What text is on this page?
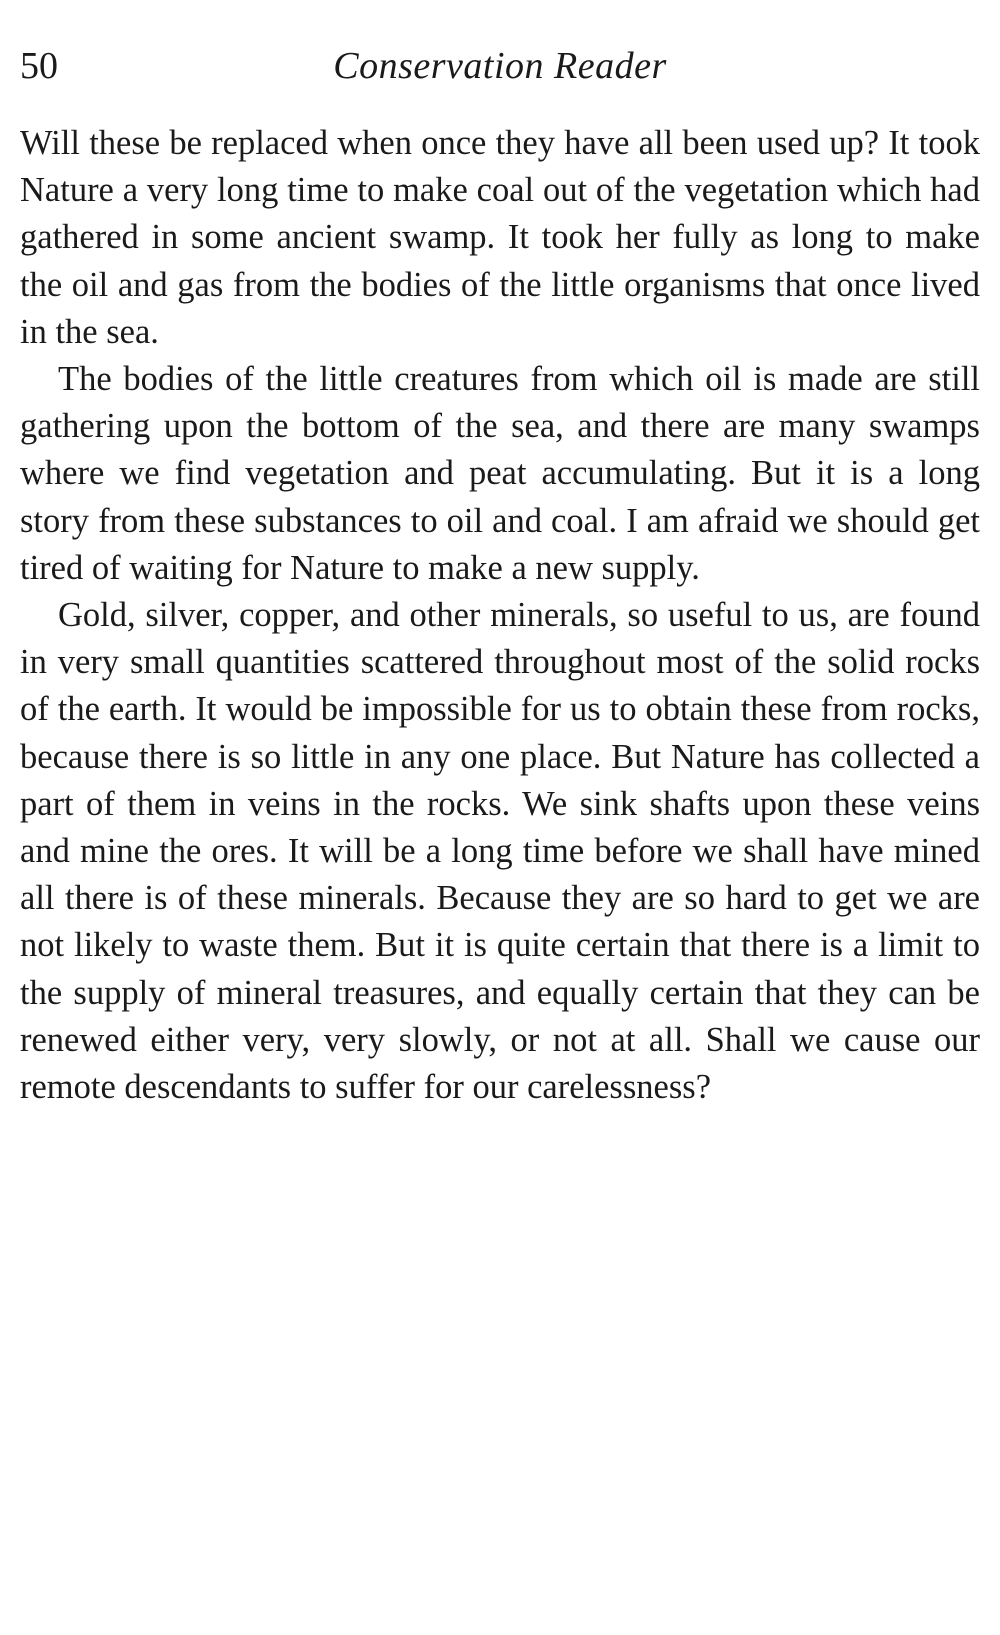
50	Conservation Reader

Will these be replaced when once they have all been used up? It took Nature a very long time to make coal out of the vegetation which had gathered in some ancient swamp. It took her fully as long to make the oil and gas from the bodies of the little organisms that once lived in the sea.

The bodies of the little creatures from which oil is made are still gathering upon the bottom of the sea, and there are many swamps where we find vegetation and peat accumulating. But it is a long story from these substances to oil and coal. I am afraid we should get tired of waiting for Nature to make a new supply.

Gold, silver, copper, and other minerals, so useful to us, are found in very small quantities scattered throughout most of the solid rocks of the earth. It would be impossible for us to obtain these from rocks, because there is so little in any one place. But Nature has collected a part of them in veins in the rocks. We sink shafts upon these veins and mine the ores. It will be a long time before we shall have mined all there is of these minerals. Because they are so hard to get we are not likely to waste them. But it is quite certain that there is a limit to the supply of mineral treasures, and equally certain that they can be renewed either very, very slowly, or not at all. Shall we cause our remote descendants to suffer for our carelessness?
